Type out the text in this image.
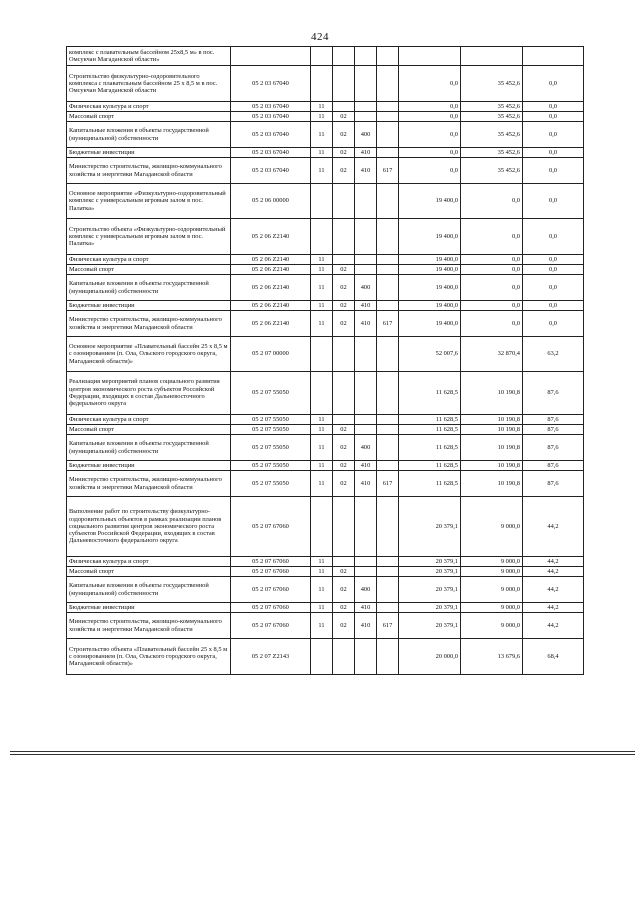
424
комплекс с плавательным бассейном 25х8,5 м» в пос. Омсукчан Магаданской области»								
Строительство физкультурно-оздоровительного комплекса с плавательным бассейном 25 х 8,5 м в пос. Омсукчан Магаданской области	05 2 03 67040					0,0	35 452,6	0,0
Физическая культура и спорт	05 2 03 67040	11				0,0	35 452,6	0,0
Массовый спорт	05 2 03 67040	11	02			0,0	35 452,6	0,0
Капитальные вложения в объекты государственной (муниципальной) собственности	05 2 03 67040	11	02	400		0,0	35 452,6	0,0
Бюджетные инвестиции	05 2 03 67040	11	02	410		0,0	35 452,6	0,0
Министерство строительства, жилищно-коммунального хозяйства и энергетики Магаданской области	05 2 03 67040	11	02	410	617	0,0	35 452,6	0,0
Основное мероприятие «Физкультурно-оздоровительный комплекс с универсальным игровым залом в пос. Палатка»	05 2 06 00000					19 400,0	0,0	0,0
Строительство объекта «Физкультурно-оздоровительный комплекс с универсальным игровым залом в пос. Палатка»	05 2 06 Z2140					19 400,0	0,0	0,0
Физическая культура и спорт	05 2 06 Z2140	11				19 400,0	0,0	0,0
Массовый спорт	05 2 06 Z2140	11	02			19 400,0	0,0	0,0
Капитальные вложения в объекты государственной (муниципальной) собственности	05 2 06 Z2140	11	02	400		19 400,0	0,0	0,0
Бюджетные инвестиции	05 2 06 Z2140	11	02	410		19 400,0	0,0	0,0
Министерство строительства, жилищно-коммунального хозяйства и энергетики Магаданской области	05 2 06 Z2140	11	02	410	617	19 400,0	0,0	0,0
Основное мероприятие «Плавательный бассейн 25 х 8,5 м с озонированием (п. Ола, Ольского городского округа, Магаданской области)»	05 2 07 00000					52 007,6	32 870,4	63,2
Реализация мероприятий планов социального развития центров экономического роста субъектов Российской Федерации, входящих в состав Дальневосточного федерального округа	05 2 07 55050					11 628,5	10 190,8	87,6
Физическая культура и спорт	05 2 07 55050	11				11 628,5	10 190,8	87,6
Массовый спорт	05 2 07 55050	11	02			11 628,5	10 190,8	87,6
Капитальные вложения в объекты государственной (муниципальной) собственности	05 2 07 55050	11	02	400		11 628,5	10 190,8	87,6
Бюджетные инвестиции	05 2 07 55050	11	02	410		11 628,5	10 190,8	87,6
Министерство строительства, жилищно-коммунального хозяйства и энергетики Магаданской области	05 2 07 55050	11	02	410	617	11 628,5	10 190,8	87,6
Выполнение работ по строительству физкультурно-оздоровительных объектов в рамках реализации планов социального развития центров экономического роста субъектов Российской Федерации, входящих в состав Дальневосточного федерального округа	05 2 07 67060					20 379,1	9 000,0	44,2
Физическая культура и спорт	05 2 07 67060	11				20 379,1	9 000,0	44,2
Массовый спорт	05 2 07 67060	11	02			20 379,1	9 000,0	44,2
Капитальные вложения в объекты государственной (муниципальной) собственности	05 2 07 67060	11	02	400		20 379,1	9 000,0	44,2
Бюджетные инвестиции	05 2 07 67060	11	02	410		20 379,1	9 000,0	44,2
Министерство строительства, жилищно-коммунального хозяйства и энергетики Магаданской области	05 2 07 67060	11	02	410	617	20 379,1	9 000,0	44,2
Строительство объекта «Плавательный бассейн 25 х 8,5 м с озонированием (п. Ола, Ольского городского округа, Магаданской области)»	05 2 07 Z2143					20 000,0	13 679,6	68,4
